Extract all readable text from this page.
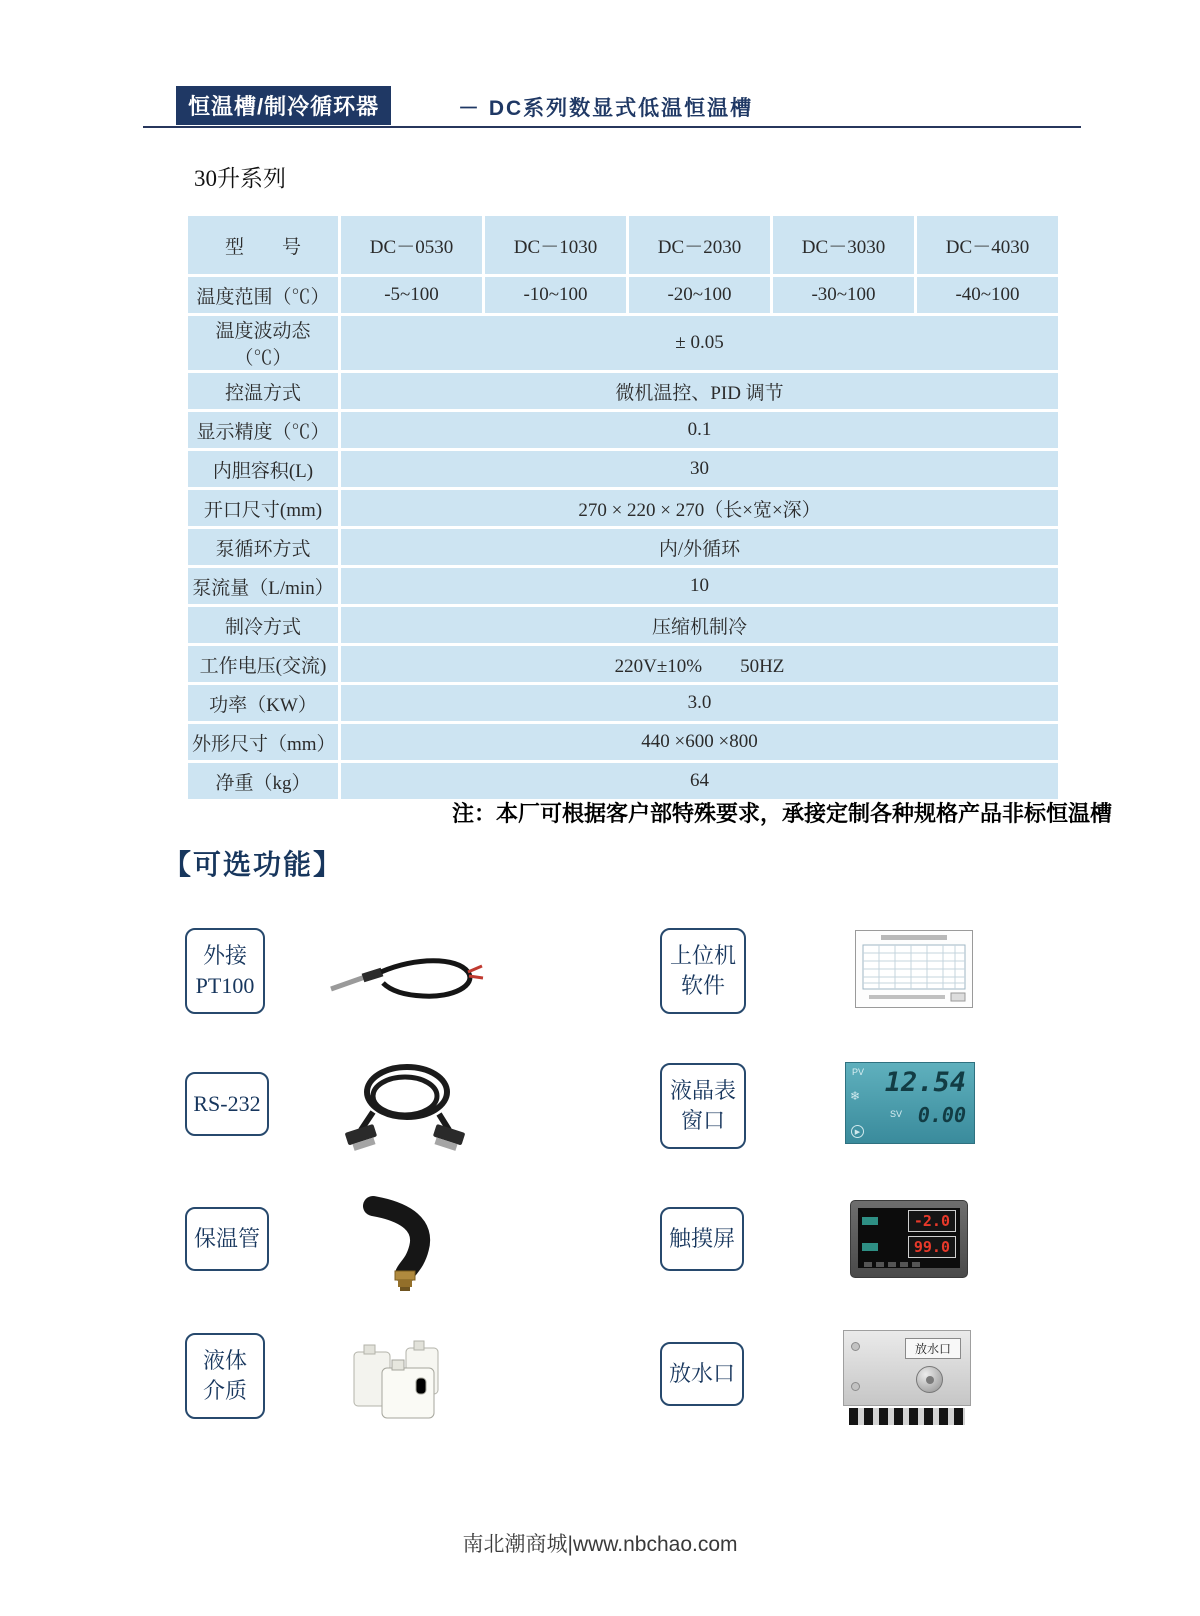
恒温槽/制冷循环器	－ DC系列数显式低温恒温槽
30升系列
型　　号	DC－0530	DC－1030	DC－2030	DC－3030	DC－4030
温度范围（℃）	-5~100	-10~100	-20~100	-30~100	-40~100
温度波动态（℃）	± 0.05				
控温方式	微机温控、PID 调节				
显示精度（℃）	0.1				
内胆容积(L)	30				
开口尺寸(mm)	270 × 220 × 270（长×宽×深）				
泵循环方式	内/外循环				
泵流量（L/min）	10				
制冷方式	压缩机制冷				
工作电压(交流)	220V±10%　　50HZ				
功率（KW）	3.0				
外形尺寸（mm）	440 ×600 ×800				
净重（kg）	64				
注：本厂可根据客户部特殊要求，承接定制各种规格产品非标恒温槽
【可选功能】
外接
PT100
上位机
软件
RS-232
液晶表
窗口
保温管	触摸屏
液体
介质
放水口
❄
PV 12.54
SV 0.00
▶
-2.0
99.0
放水口
南北潮商城|www.nbchao.com
